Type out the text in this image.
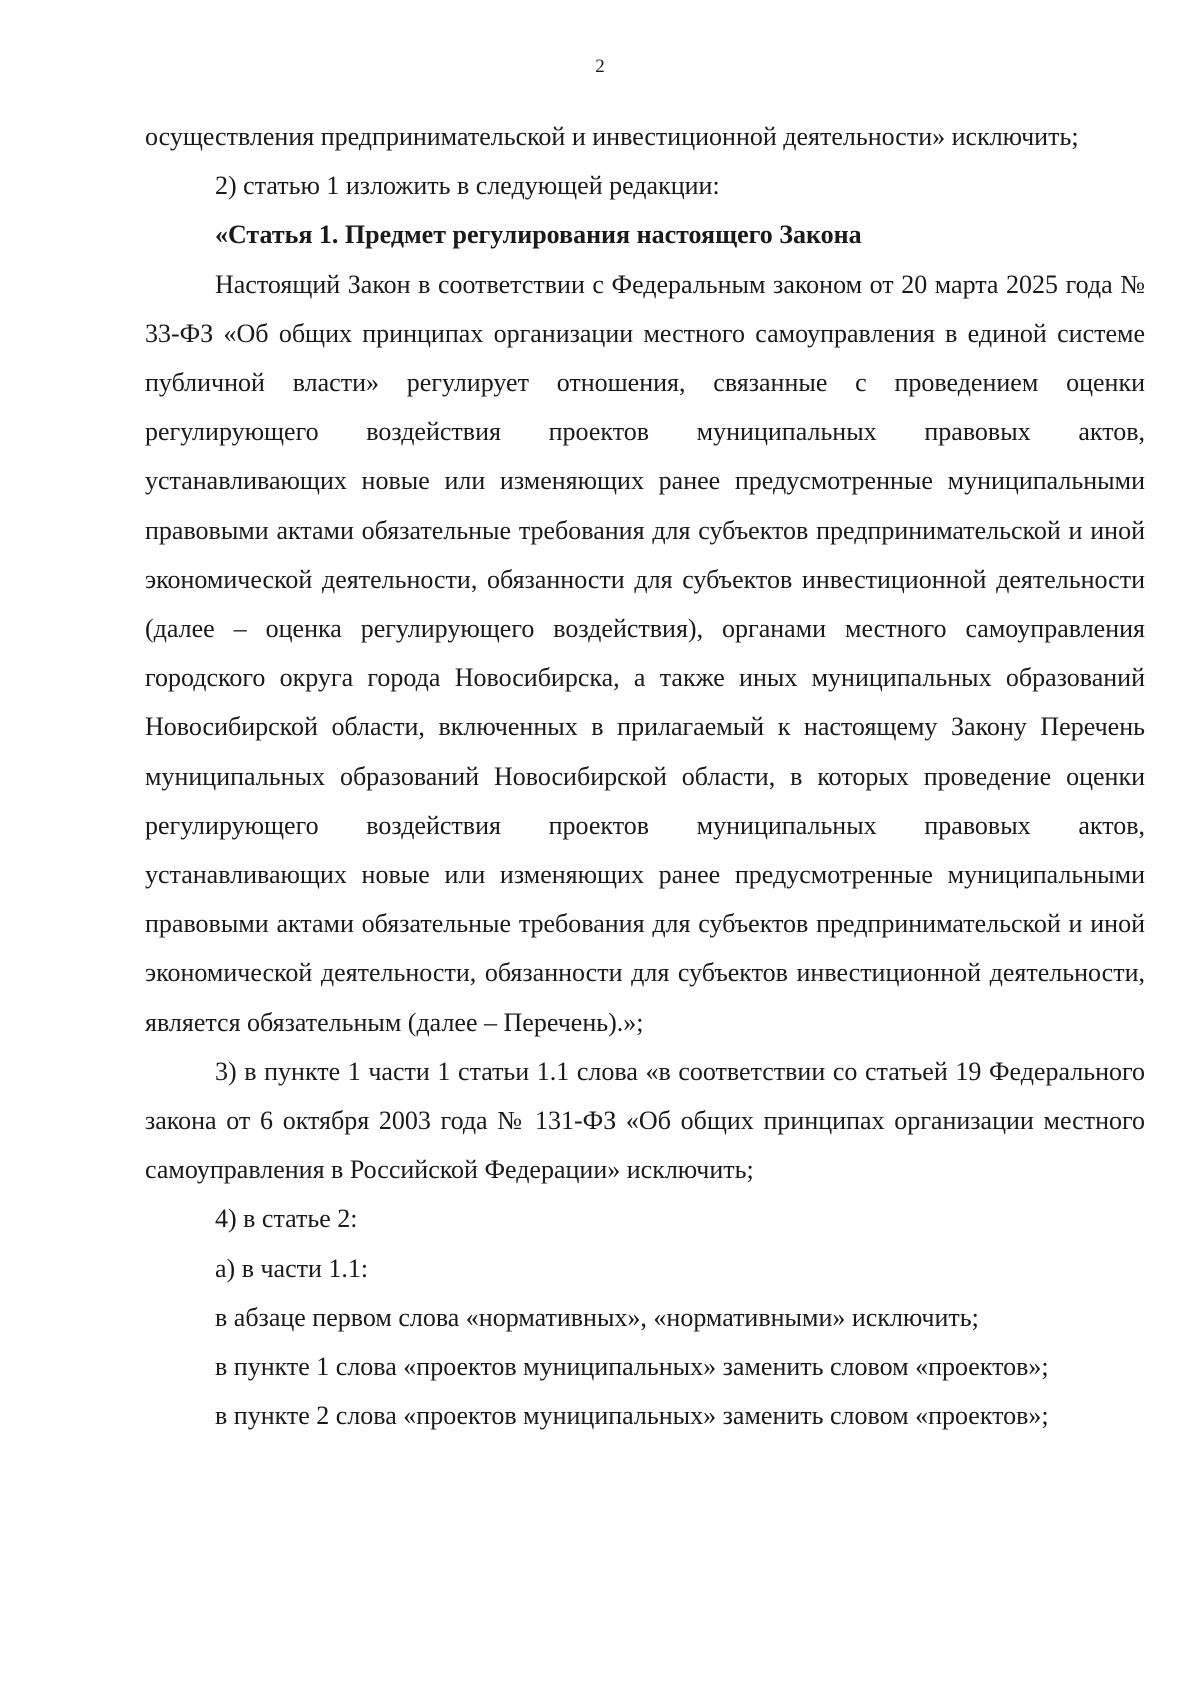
2

осуществления предпринимательской и инвестиционной деятельности» исключить;

2) статью 1 изложить в следующей редакции:

«Статья 1. Предмет регулирования настоящего Закона

Настоящий Закон в соответствии с Федеральным законом от 20 марта 2025 года № 33-ФЗ «Об общих принципах организации местного самоуправления в единой системе публичной власти» регулирует отношения, связанные с проведением оценки регулирующего воздействия проектов муниципальных правовых актов, устанавливающих новые или изменяющих ранее предусмотренные муниципальными правовыми актами обязательные требования для субъектов предпринимательской и иной экономической деятельности, обязанности для субъектов инвестиционной деятельности (далее – оценка регулирующего воздействия), органами местного самоуправления городского округа города Новосибирска, а также иных муниципальных образований Новосибирской области, включенных в прилагаемый к настоящему Закону Перечень муниципальных образований Новосибирской области, в которых проведение оценки регулирующего воздействия проектов муниципальных правовых актов, устанавливающих новые или изменяющих ранее предусмотренные муниципальными правовыми актами обязательные требования для субъектов предпринимательской и иной экономической деятельности, обязанности для субъектов инвестиционной деятельности, является обязательным (далее – Перечень).»;

3) в пункте 1 части 1 статьи 1.1 слова «в соответствии со статьей 19 Федерального закона от 6 октября 2003 года № 131-ФЗ «Об общих принципах организации местного самоуправления в Российской Федерации» исключить;

4) в статье 2:

а) в части 1.1:

в абзаце первом слова «нормативных», «нормативными» исключить;

в пункте 1 слова «проектов муниципальных» заменить словом «проектов»;

в пункте 2 слова «проектов муниципальных» заменить словом «проектов»;
